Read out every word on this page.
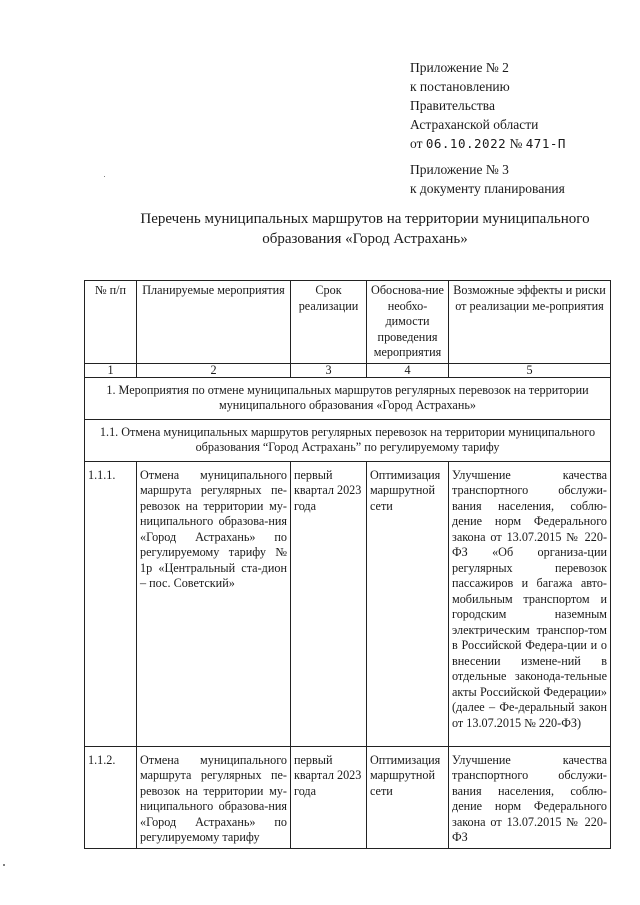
Приложение № 2
к постановлению
Правительства
Астраханской области
от 06.10.2022 № 471-П
Приложение № 3
к документу планирования
Перечень муниципальных маршрутов на территории муниципального
образования «Город Астрахань»
№ п/п	Планируемые мероприятия	Срок реализации	Обоснова-ние необхо-димости проведения мероприятия	Возможные эффекты и риски от реализации ме-роприятия
1	2	3	4	5
1. Мероприятия по отмене муниципальных маршрутов регулярных перевозок на территории муниципального образования «Город Астрахань»				
1.1. Отмена муниципальных маршрутов регулярных перевозок на территории муниципального образования “Город Астрахань” по регулируемому тарифу				
1.1.1.	Отмена муниципального маршрута регулярных пе-ревозок на территории му-ниципального образова-ния «Город Астрахань» по регулируемому тарифу № 1р «Центральный ста-дион – пос. Советский»	первый квартал 2023 года	Оптимизация маршрутной сети	Улучшение качества транспортного обслужи-вания населения, соблю-дение норм Федерального закона от 13.07.2015 № 220-ФЗ «Об организа-ции регулярных перевозок пассажиров и багажа авто-мобильным транспортом и городским наземным электрическим транспор-том в Российской Федера-ции и о внесении измене-ний в отдельные законода-тельные акты Российской Федерации» (далее – Фе-деральный закон от 13.07.2015 № 220-ФЗ)
1.1.2.	Отмена муниципального маршрута регулярных пе-ревозок на территории му-ниципального образова-ния «Город Астрахань» по регулируемому тарифу	первый квартал 2023 года	Оптимизация маршрутной сети	Улучшение качества транспортного обслужи-вания населения, соблю-дение норм Федерального закона от 13.07.2015 № 220-ФЗ
